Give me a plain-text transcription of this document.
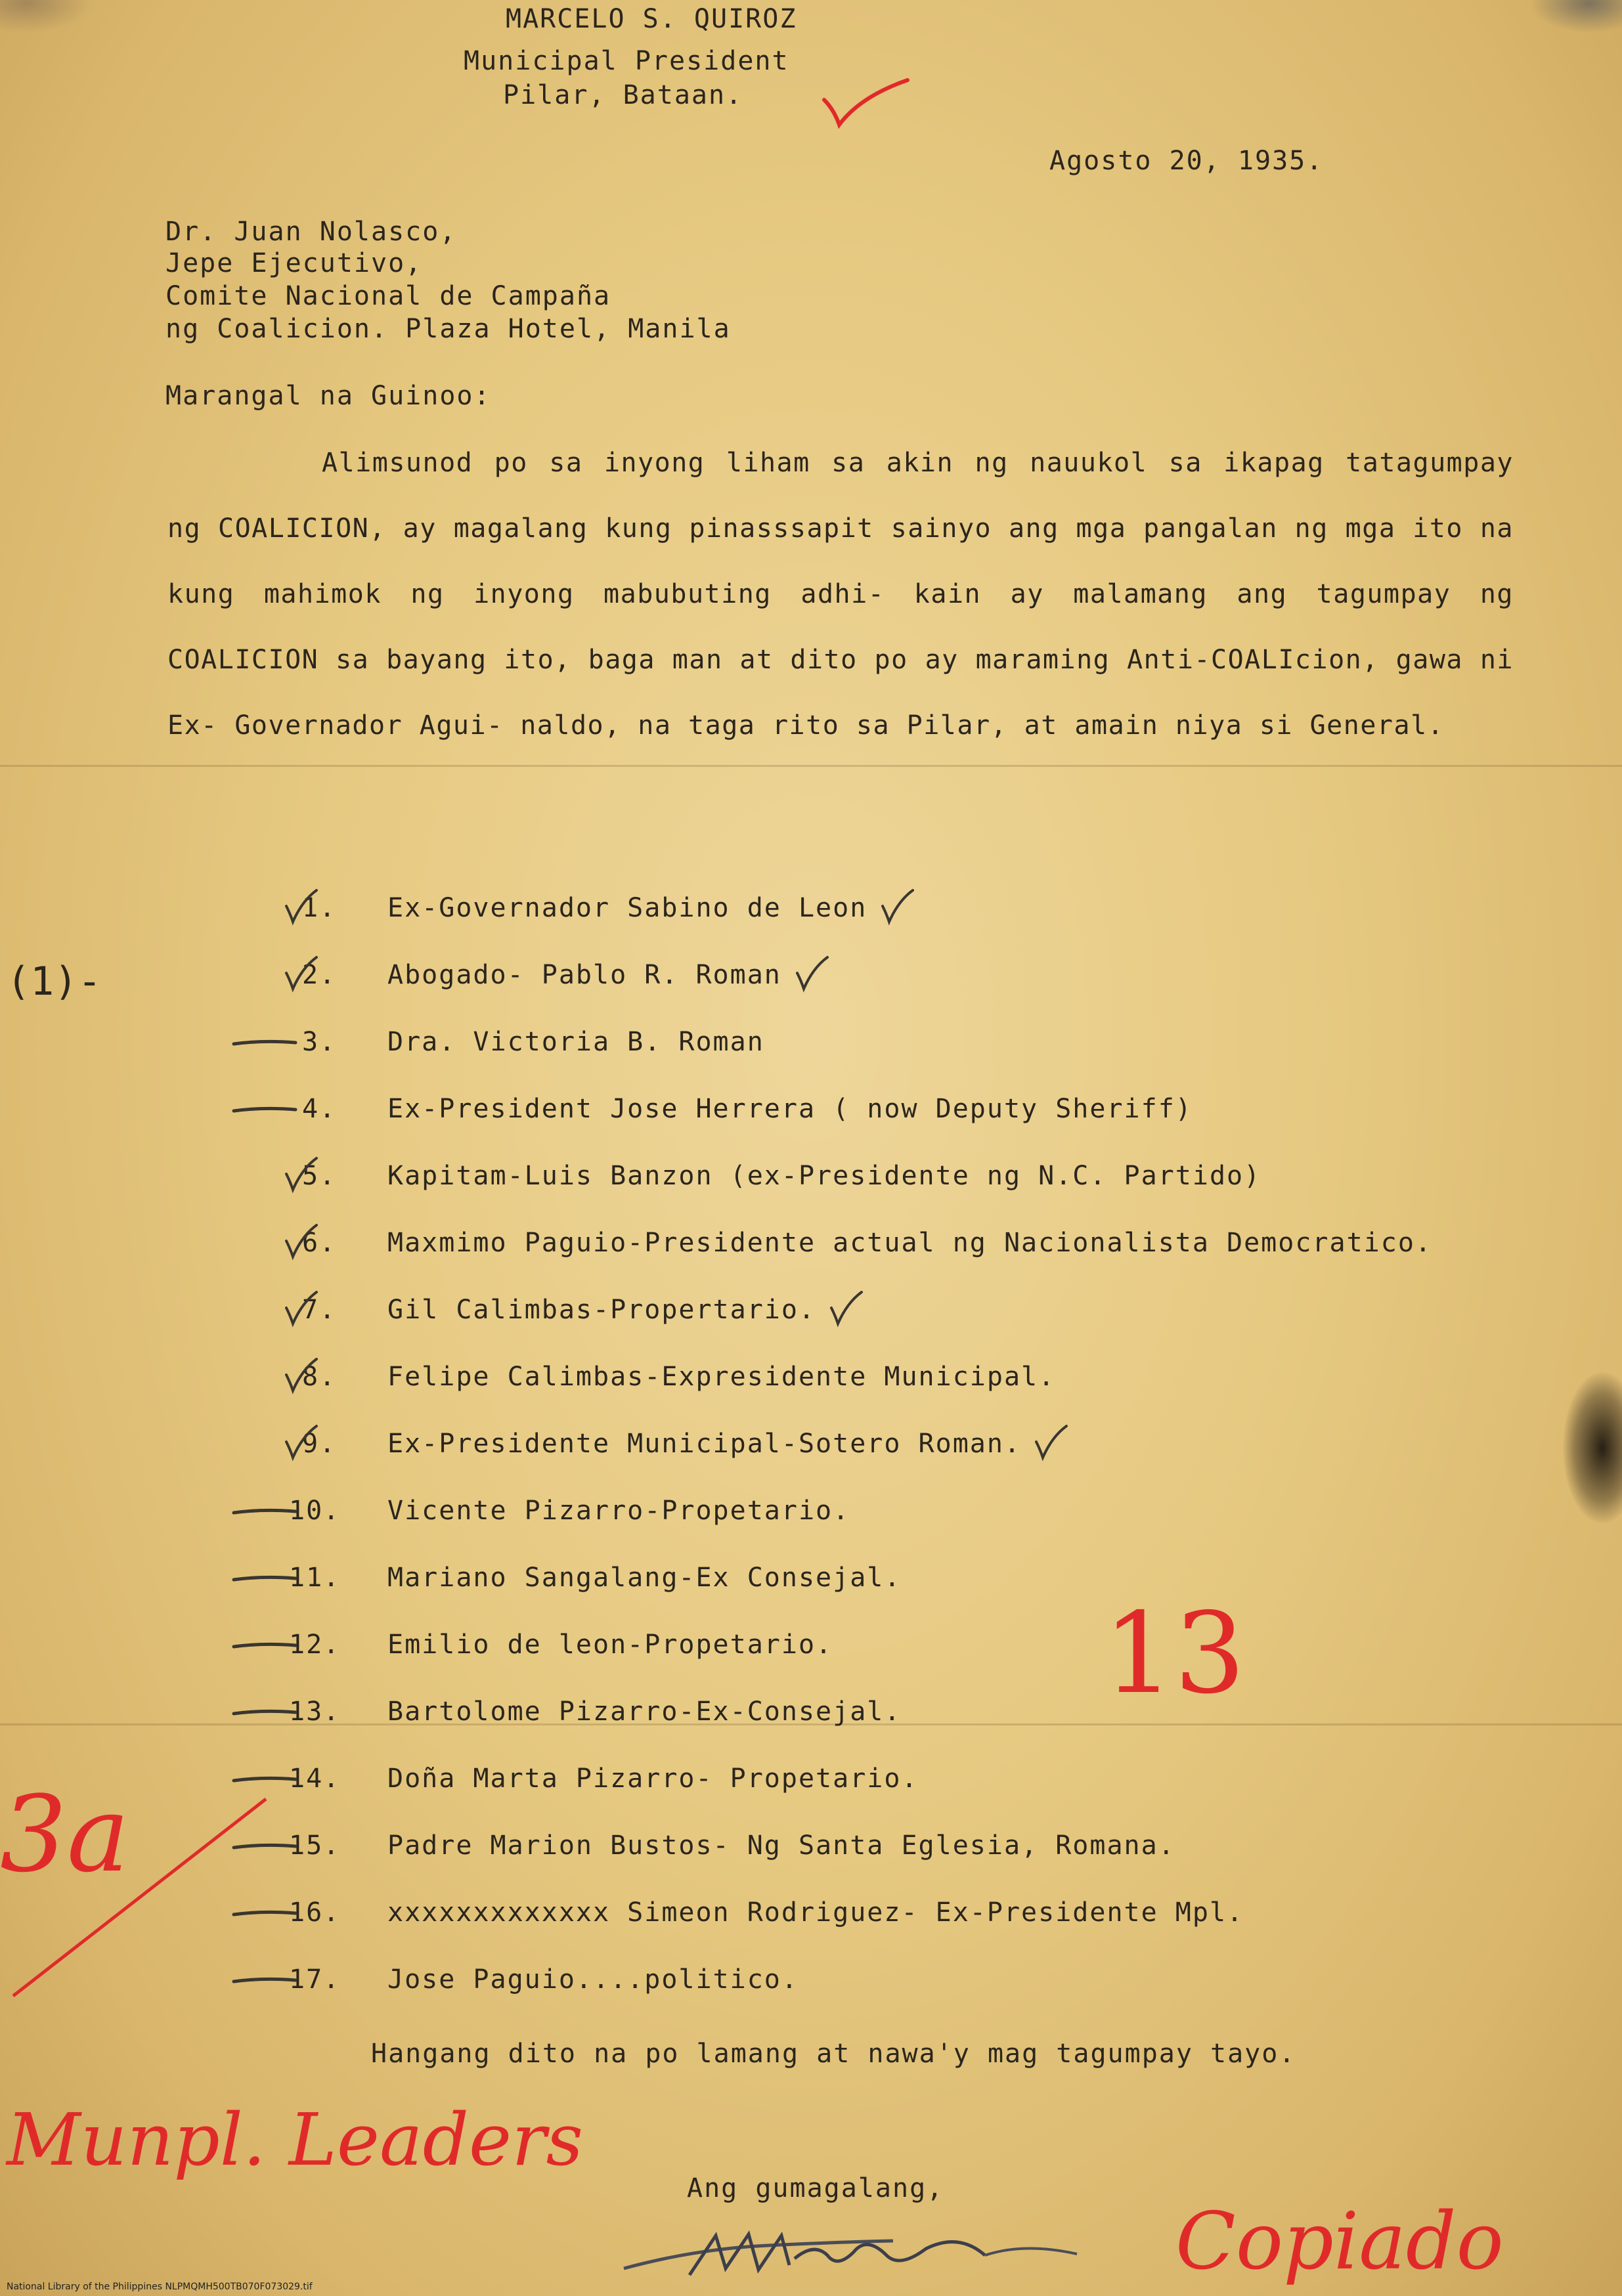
MARCELO S. QUIROZ
Municipal President
Pilar, Bataan.
Agosto 20, 1935.
Dr. Juan Nolasco,
Jepe Ejecutivo,
Comite Nacional de Campaña
ng Coalicion. Plaza Hotel, Manila
Marangal na Guinoo:
Alimsunod po sa inyong liham sa akin ng nauukol sa ikapag tatagumpay ng COALICION, ay magalang kung pinasssapit sainyo ang mga pangalan ng mga ito na kung mahimok ng inyong mabubuting adhi- kain ay malamang ang tagumpay ng COALICION sa bayang ito, baga man at dito po ay maraming Anti-COALIcion, gawa ni Ex- Governador Agui- naldo, na taga rito sa Pilar, at amain niya si General.
(1)-
1.	Ex-Governador Sabino de Leon
2.	Abogado- Pablo R. Roman
3.	Dra. Victoria B. Roman
4.	Ex-President Jose Herrera ( now Deputy Sheriff)
5.	Kapitam-Luis Banzon (ex-Presidente ng N.C. Partido)
6.	Maxmimo Paguio-Presidente actual ng Nacionalista Democratico.
7.	Gil Calimbas-Propertario.
8.	Felipe Calimbas-Expresidente Municipal.
9.	Ex-Presidente Municipal-Sotero Roman.
10.	Vicente Pizarro-Propetario.
11.	Mariano Sangalang-Ex Consejal.
12.	Emilio de leon-Propetario.
13.	Bartolome Pizarro-Ex-Consejal.
14.	Doña Marta Pizarro- Propetario.
15.	Padre Marion Bustos- Ng Santa Eglesia, Romana.
16.	xxxxxxxxxxxxx Simeon Rodriguez- Ex-Presidente Mpl.
17.	Jose Paguio....politico.
Hangang dito na po lamang at nawa'y mag tagumpay tayo.
Ang gumagalang,
13
3a
Munpl. Leaders
Copiado
National Library of the Philippines NLPMQMH500TB070F073029.tif
